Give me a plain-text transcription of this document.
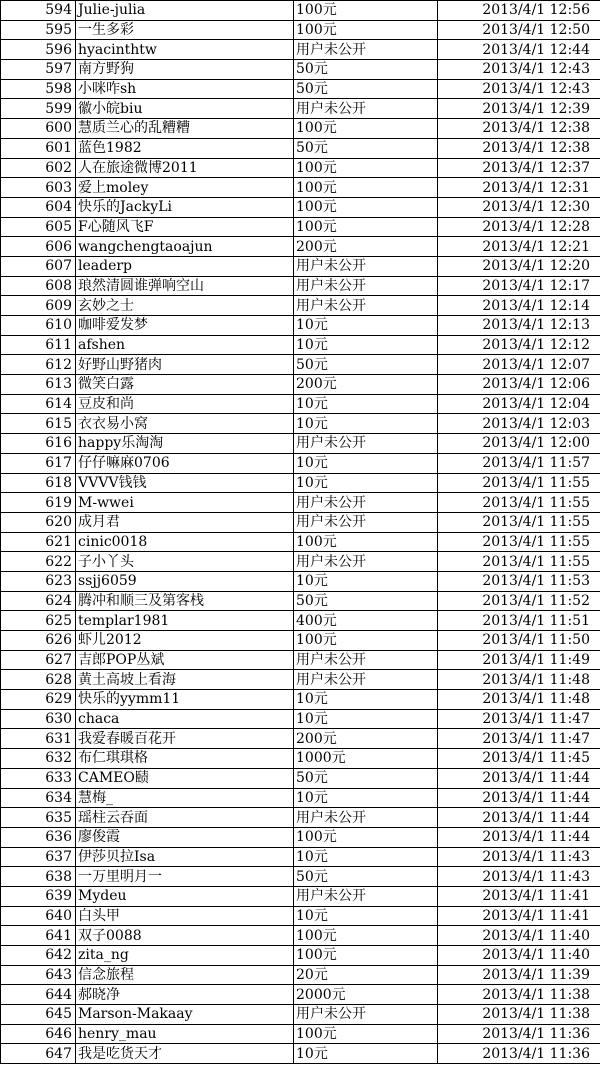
594	Julie-julia	100元	2013/4/1 12:56
595	一生多彩	100元	2013/4/1 12:50
596	hyacinthtw	用户未公开	2013/4/1 12:44
597	南方野狗	50元	2013/4/1 12:43
598	小咪咋sh	50元	2013/4/1 12:43
599	徽小皖biu	用户未公开	2013/4/1 12:39
600	慧质兰心的乱糟糟	100元	2013/4/1 12:38
601	蓝色1982	50元	2013/4/1 12:38
602	人在旅途微博2011	100元	2013/4/1 12:37
603	爱上moley	100元	2013/4/1 12:31
604	快乐的JackyLi	100元	2013/4/1 12:30
605	F心随风飞F	100元	2013/4/1 12:28
606	wangchengtaoajun	200元	2013/4/1 12:21
607	leaderp	用户未公开	2013/4/1 12:20
608	琅然清圆谁弹响空山	用户未公开	2013/4/1 12:17
609	玄妙之士	用户未公开	2013/4/1 12:14
610	咖啡爱发梦	10元	2013/4/1 12:13
611	afshen	10元	2013/4/1 12:12
612	好野山野猪肉	50元	2013/4/1 12:07
613	微笑白露	200元	2013/4/1 12:06
614	豆皮和尚	10元	2013/4/1 12:04
615	衣衣易小窝	10元	2013/4/1 12:03
616	happy乐淘淘	用户未公开	2013/4/1 12:00
617	仔仔嘛麻0706	10元	2013/4/1 11:57
618	VVVV钱钱	10元	2013/4/1 11:55
619	M-wwei	用户未公开	2013/4/1 11:55
620	成月君	用户未公开	2013/4/1 11:55
621	cinic0018	100元	2013/4/1 11:55
622	子小丫头	用户未公开	2013/4/1 11:55
623	ssjj6059	10元	2013/4/1 11:53
624	腾冲和顺三及第客栈	50元	2013/4/1 11:52
625	templar1981	400元	2013/4/1 11:51
626	虾儿2012	100元	2013/4/1 11:50
627	吉郎POP丛斌	用户未公开	2013/4/1 11:49
628	黄土高坡上看海	用户未公开	2013/4/1 11:48
629	快乐的yymm11	10元	2013/4/1 11:48
630	chaca	10元	2013/4/1 11:47
631	我爱春暖百花开	200元	2013/4/1 11:47
632	布仁琪琪格	1000元	2013/4/1 11:45
633	CAMEO赜	50元	2013/4/1 11:44
634	慧梅_	10元	2013/4/1 11:44
635	瑶柱云吞面	用户未公开	2013/4/1 11:44
636	廖俊霞	100元	2013/4/1 11:44
637	伊莎贝拉Isa	10元	2013/4/1 11:43
638	一万里明月一	50元	2013/4/1 11:43
639	Mydeu	用户未公开	2013/4/1 11:41
640	白头甲	10元	2013/4/1 11:41
641	双子0088	100元	2013/4/1 11:40
642	zita_ng	100元	2013/4/1 11:40
643	信念旅程	20元	2013/4/1 11:39
644	郝晓净	2000元	2013/4/1 11:38
645	Marson-Makaay	用户未公开	2013/4/1 11:38
646	henry_mau	100元	2013/4/1 11:36
647	我是吃货天才	10元	2013/4/1 11:36
